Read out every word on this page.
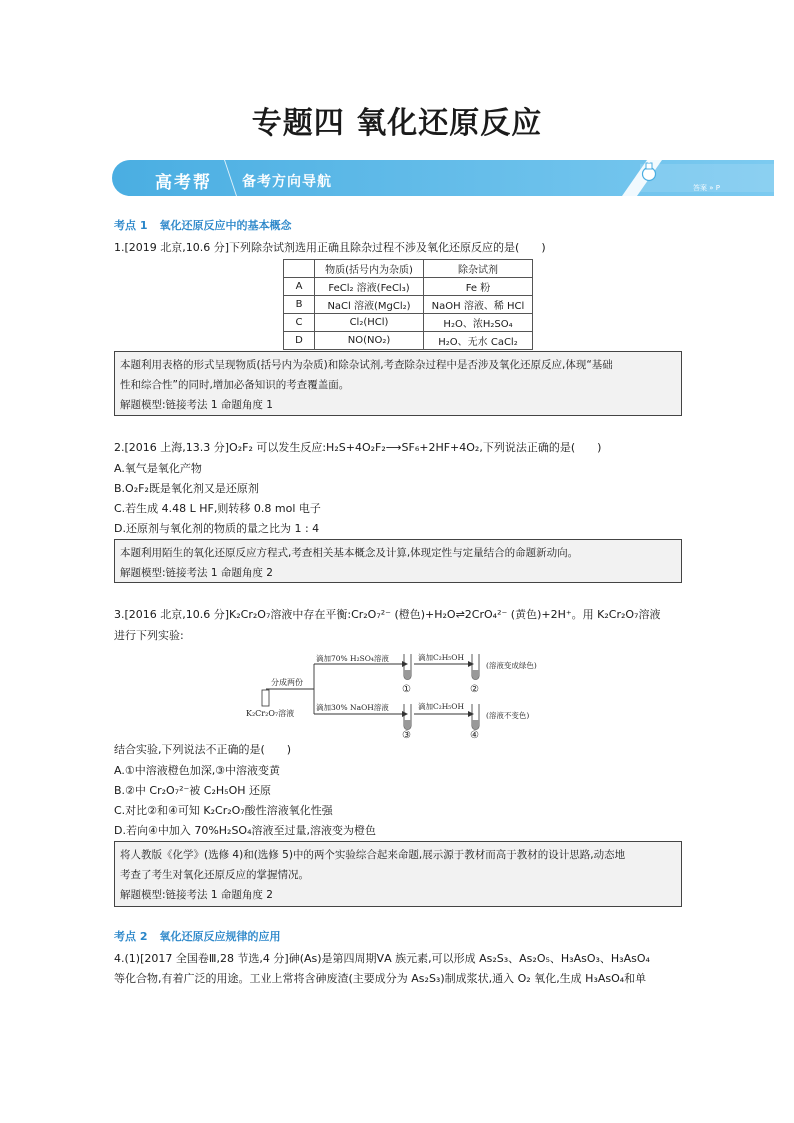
专题四 氧化还原反应
高考帮 备考方向导航	答案 » P
考点 1 氧化还原反应中的基本概念
1.[2019 北京,10.6 分]下列除杂试剂选用正确且除杂过程不涉及氧化还原反应的是(　　)
	物质(括号内为杂质)	除杂试剂
A	FeCl₂ 溶液(FeCl₃)	Fe 粉
B	NaCl 溶液(MgCl₂)	NaOH 溶液、稀 HCl
C	Cl₂(HCl)	H₂O、浓H₂SO₄
D	NO(NO₂)	H₂O、无水 CaCl₂
本题利用表格的形式呈现物质(括号内为杂质)和除杂试剂,考查除杂过程中是否涉及氧化还原反应,体现“基础
性和综合性”的同时,增加必备知识的考查覆盖面。
解题模型:链接考法 1 命题角度 1
2.[2016 上海,13.3 分]O₂F₂ 可以发生反应:H₂S+4O₂F₂⟶SF₆+2HF+4O₂,下列说法正确的是(　　)
A.氧气是氧化产物
B.O₂F₂既是氧化剂又是还原剂
C.若生成 4.48 L HF,则转移 0.8 mol 电子
D.还原剂与氧化剂的物质的量之比为 1 : 4
本题利用陌生的氧化还原反应方程式,考查相关基本概念及计算,体现定性与定量结合的命题新动向。
解题模型:链接考法 1 命题角度 2
3.[2016 北京,10.6 分]K₂Cr₂O₇溶液中存在平衡:Cr₂O₇²⁻ (橙色)+H₂O⇌2CrO₄²⁻ (黄色)+2H⁺。用 K₂Cr₂O₇溶液
进行下列实验:
K₂Cr₂O₇溶液
分成两份
滴加70% H₂SO₄溶液
滴加30% NaOH溶液
滴加C₂H₅OH
(溶液变成绿色)
滴加C₂H₅OH
(溶液不变色)
①	②
③	④
结合实验,下列说法不正确的是(　　)
A.①中溶液橙色加深,③中溶液变黄
B.②中 Cr₂O₇²⁻被 C₂H₅OH 还原
C.对比②和④可知 K₂Cr₂O₇酸性溶液氧化性强
D.若向④中加入 70%H₂SO₄溶液至过量,溶液变为橙色
将人教版《化学》(选修 4)和(选修 5)中的两个实验综合起来命题,展示源于教材而高于教材的设计思路,动态地
考查了考生对氧化还原反应的掌握情况。
解题模型:链接考法 1 命题角度 2
考点 2 氧化还原反应规律的应用
4.(1)[2017 全国卷Ⅲ,28 节选,4 分]砷(As)是第四周期ⅤA 族元素,可以形成 As₂S₃、As₂O₅、H₃AsO₃、H₃AsO₄
等化合物,有着广泛的用途。工业上常将含砷废渣(主要成分为 As₂S₃)制成浆状,通入 O₂ 氧化,生成 H₃AsO₄和单
